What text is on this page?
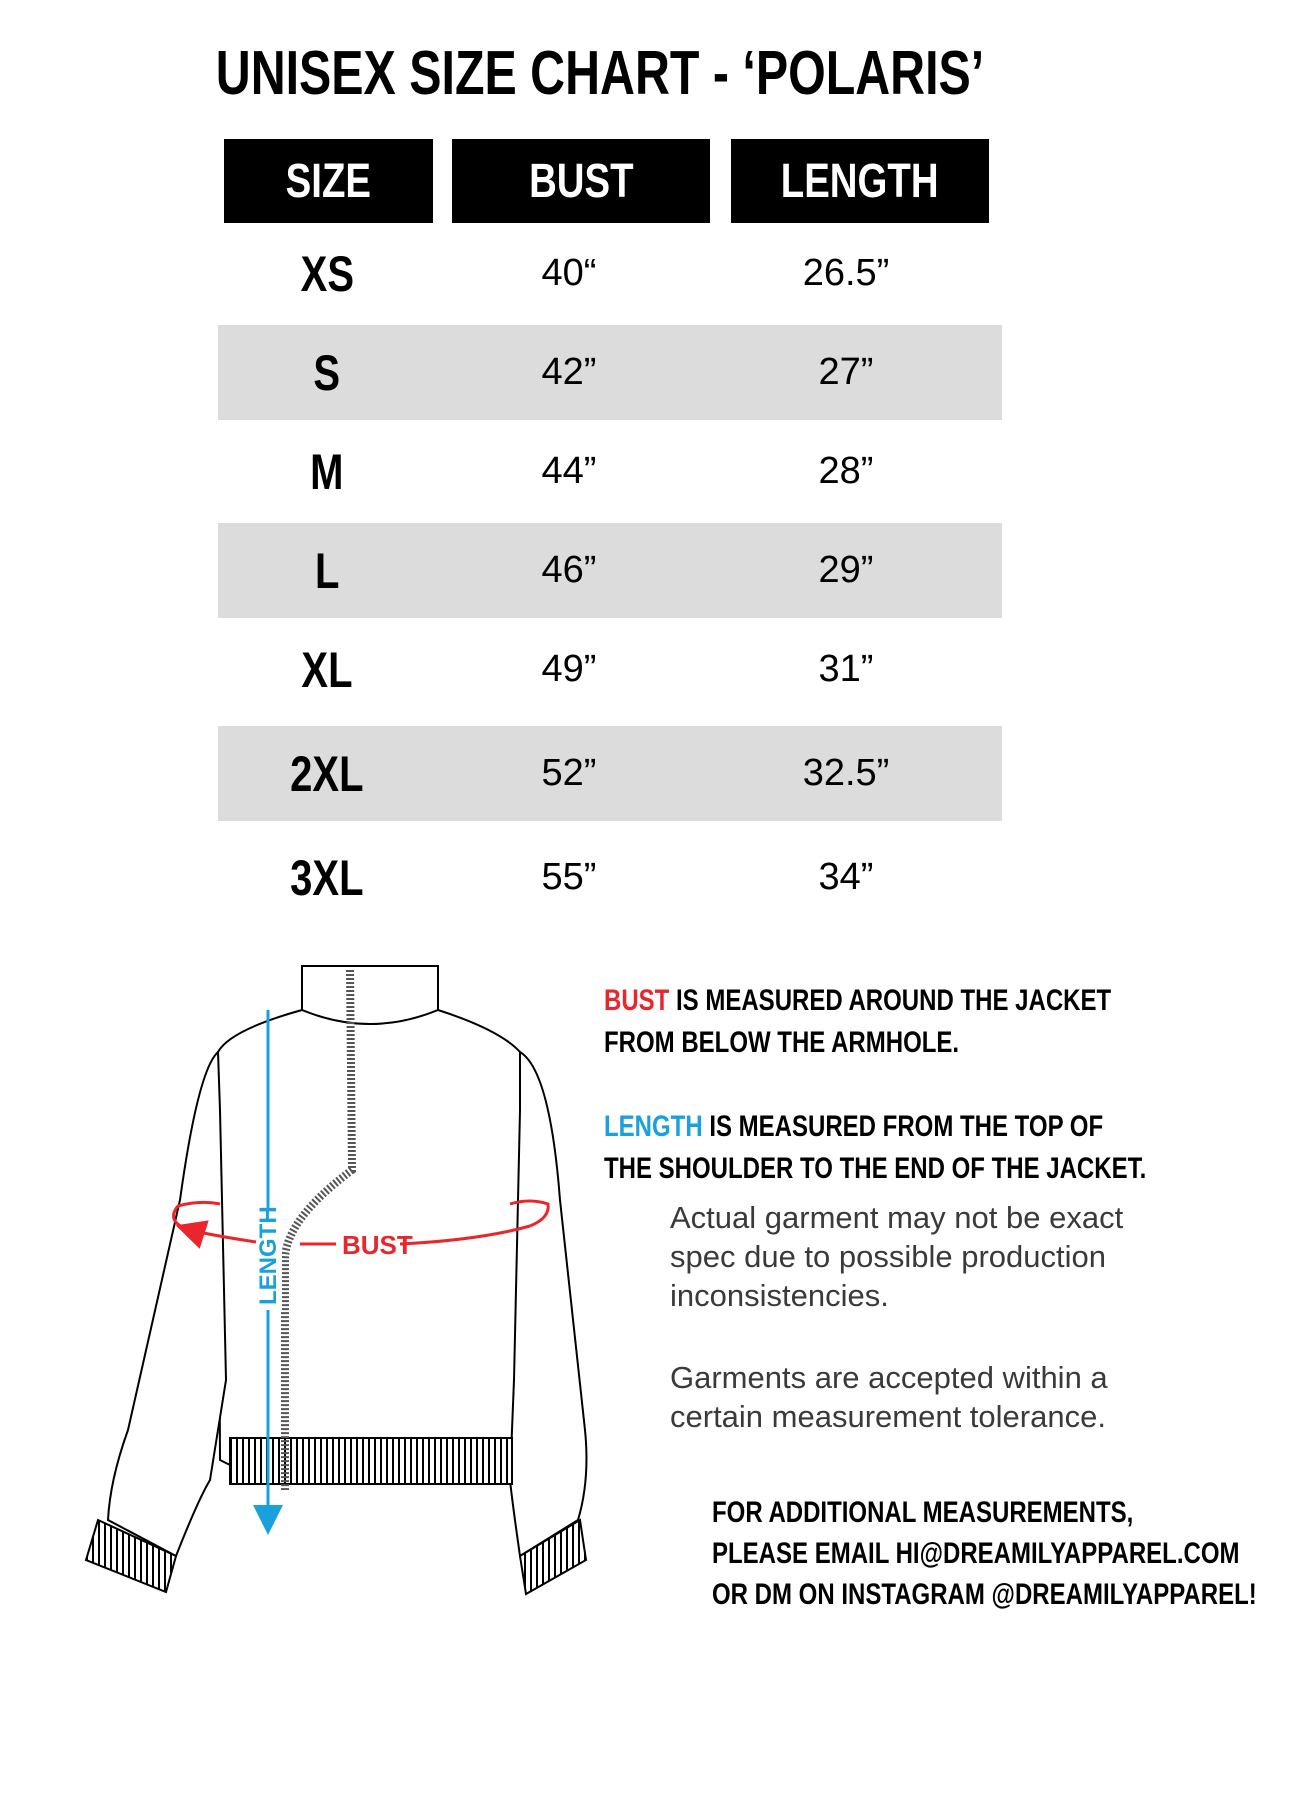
UNISEX SIZE CHART - ‘POLARIS’
SIZE	BUST	LENGTH
XS	40“	26.5”
S	42”	27”
M	44”	28”
L	46”	29”
XL	49”	31”
2XL	52”	32.5”
3XL	55”	34”
LENGTH BUST

BUST IS MEASURED AROUND THE JACKET FROM BELOW THE ARMHOLE.

LENGTH IS MEASURED FROM THE TOP OF THE SHOULDER TO THE END OF THE JACKET.

Actual garment may not be exact spec due to possible production inconsistencies.

Garments are accepted within a certain measurement tolerance.

FOR ADDITIONAL MEASUREMENTS,
PLEASE EMAIL HI@DREAMILYAPPAREL.COM
OR DM ON INSTAGRAM @DREAMILYAPPAREL!
